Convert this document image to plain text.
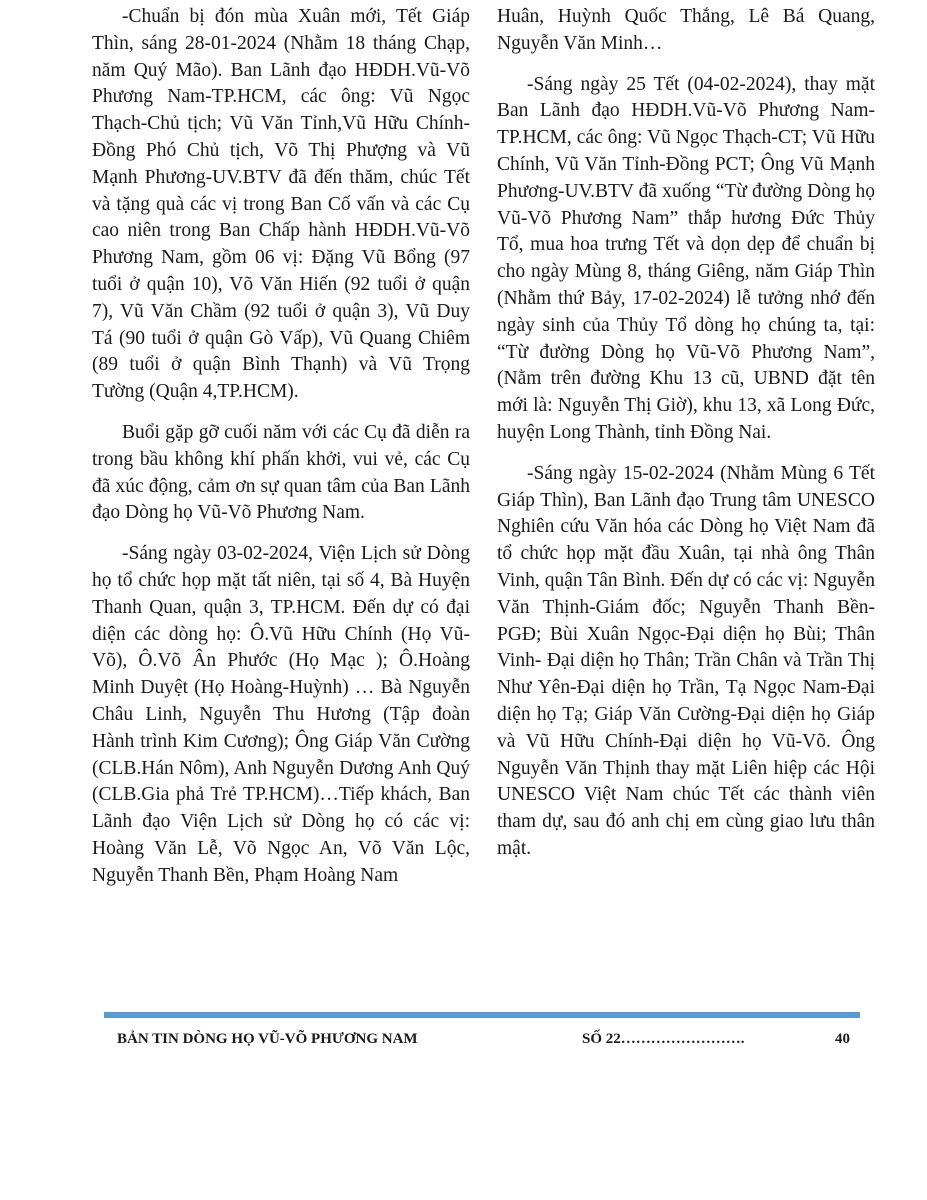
-Chuẩn bị đón mùa Xuân mới, Tết Giáp Thìn, sáng 28-01-2024 (Nhằm 18 tháng Chạp, năm Quý Mão). Ban Lãnh đạo HĐDH.Vũ-Võ Phương Nam-TP.HCM, các ông: Vũ Ngọc Thạch-Chủ tịch; Vũ Văn Tỉnh,Vũ Hữu Chính-Đồng Phó Chủ tịch, Võ Thị Phượng và Vũ Mạnh Phương-UV.BTV đã đến thăm, chúc Tết và tặng quà các vị trong Ban Cố vấn và các Cụ cao niên trong Ban Chấp hành HĐDH.Vũ-Võ Phương Nam, gồm 06 vị: Đặng Vũ Bổng (97 tuổi ở quận 10), Võ Văn Hiến (92 tuổi ở quận 7), Vũ Văn Chầm (92 tuổi ở quận 3), Vũ Duy Tá (90 tuổi ở quận Gò Vấp), Vũ Quang Chiêm (89 tuổi ở quận Bình Thạnh) và Vũ Trọng Tường (Quận 4,TP.HCM).

Buổi gặp gỡ cuối năm với các Cụ đã diễn ra trong bầu không khí phấn khởi, vui vẻ, các Cụ đã xúc động, cảm ơn sự quan tâm của Ban Lãnh đạo Dòng họ Vũ-Võ Phương Nam.

-Sáng ngày 03-02-2024, Viện Lịch sử Dòng họ tổ chức họp mặt tất niên, tại số 4, Bà Huyện Thanh Quan, quận 3, TP.HCM. Đến dự có đại diện các dòng họ: Ô.Vũ Hữu Chính (Họ Vũ-Võ), Ô.Võ Ân Phước (Họ Mạc ); Ô.Hoàng Minh Duyệt (Họ Hoàng-Huỳnh) … Bà Nguyễn Châu Linh, Nguyễn Thu Hương (Tập đoàn Hành trình Kim Cương); Ông Giáp Văn Cường (CLB.Hán Nôm), Anh Nguyễn Dương Anh Quý (CLB.Gia phả Trẻ TP.HCM)…Tiếp khách, Ban Lãnh đạo Viện Lịch sử Dòng họ có các vị: Hoàng Văn Lễ, Võ Ngọc An, Võ Văn Lộc, Nguyễn Thanh Bền, Phạm Hoàng Nam

Huân, Huỳnh Quốc Thắng, Lê Bá Quang, Nguyễn Văn Minh…

-Sáng ngày 25 Tết (04-02-2024), thay mặt Ban Lãnh đạo HĐDH.Vũ-Võ Phương Nam-TP.HCM, các ông: Vũ Ngọc Thạch-CT; Vũ Hữu Chính, Vũ Văn Tỉnh-Đồng PCT; Ông Vũ Mạnh Phương-UV.BTV đã xuống “Từ đường Dòng họ Vũ-Võ Phương Nam” thắp hương Đức Thủy Tổ, mua hoa trưng Tết và dọn dẹp để chuẩn bị cho ngày Mùng 8, tháng Giêng, năm Giáp Thìn (Nhằm thứ Bảy, 17-02-2024) lễ tưởng nhớ đến ngày sinh của Thủy Tổ dòng họ chúng ta, tại: “Từ đường Dòng họ Vũ-Võ Phương Nam”, (Nằm trên đường Khu 13 cũ, UBND đặt tên mới là: Nguyễn Thị Giờ), khu 13, xã Long Đức, huyện Long Thành, tỉnh Đồng Nai.

-Sáng ngày 15-02-2024 (Nhằm Mùng 6 Tết Giáp Thìn), Ban Lãnh đạo Trung tâm UNESCO Nghiên cứu Văn hóa các Dòng họ Việt Nam đã tổ chức họp mặt đầu Xuân, tại nhà ông Thân Vinh, quận Tân Bình. Đến dự có các vị: Nguyễn Văn Thịnh-Giám đốc; Nguyễn Thanh Bền-PGĐ; Bùi Xuân Ngọc-Đại diện họ Bùi; Thân Vinh- Đại diện họ Thân; Trần Chân và Trần Thị Như Yên-Đại diện họ Trần, Tạ Ngọc Nam-Đại diện họ Tạ; Giáp Văn Cường-Đại diện họ Giáp và Vũ Hữu Chính-Đại diện họ Vũ-Võ. Ông Nguyễn Văn Thịnh thay mặt Liên hiệp các Hội UNESCO Việt Nam chúc Tết các thành viên tham dự, sau đó anh chị em cùng giao lưu thân mật.

BẢN TIN DÒNG HỌ VŨ-VÕ PHƯƠNG NAM	SỐ 22…………………….	40
